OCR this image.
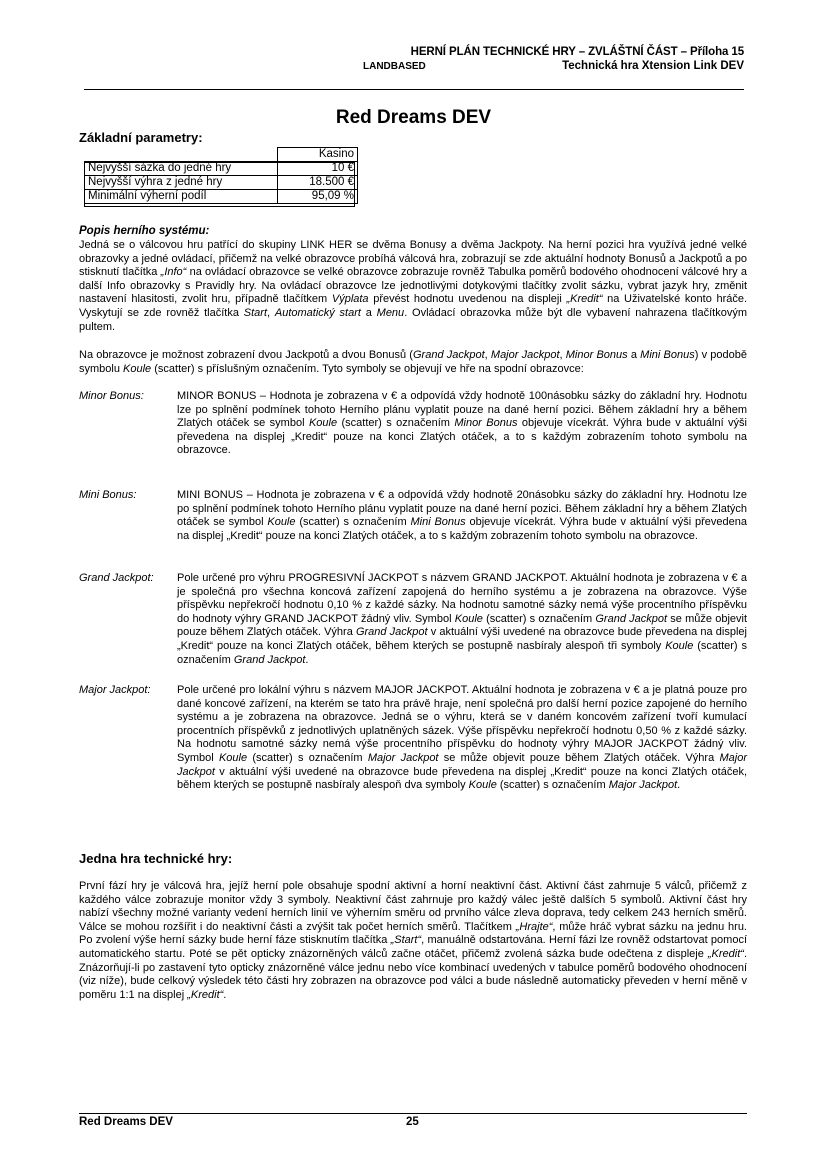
HERNÍ PLÁN TECHNICKÉ HRY – ZVLÁŠTNÍ ČÁST – Příloha 15
LANDBASED	Technická hra Xtension Link DEV
Red Dreams DEV
Základní parametry:
	Kasino
Nejvyšší sázka do jedné hry	10 €
Nejvyšší výhra z jedné hry	18.500 €
Minimální výherní podíl	95,09 %
Popis herního systému:
Jedná se o válcovou hru patřící do skupiny LINK HER se dvěma Bonusy a dvěma Jackpoty. Na herní pozici hra využívá jedné velké obrazovky a jedné ovládací, přičemž na velké obrazovce probíhá válcová hra, zobrazují se zde aktuální hodnoty Bonusů a Jackpotů a po stisknutí tlačítka „Info“ na ovládací obrazovce se velké obrazovce zobrazuje rovněž Tabulka poměrů bodového ohodnocení válcové hry a další Info obrazovky s Pravidly hry. Na ovládací obrazovce lze jednotlivými dotykovými tlačítky zvolit sázku, vybrat jazyk hry, změnit nastavení hlasitosti, zvolit hru, případně tlačítkem Výplata převést hodnotu uvedenou na displeji „Kredit“ na Uživatelské konto hráče. Vyskytují se zde rovněž tlačítka Start, Automatický start a Menu. Ovládací obrazovka může být dle vybavení nahrazena tlačítkovým pultem.
Na obrazovce je možnost zobrazení dvou Jackpotů a dvou Bonusů (Grand Jackpot, Major Jackpot, Minor Bonus a Mini Bonus) v podobě symbolu Koule (scatter) s příslušným označením. Tyto symboly se objevují ve hře na spodní obrazovce:
Minor Bonus:	MINOR BONUS – Hodnota je zobrazena v € a odpovídá vždy hodnotě 100násobku sázky do základní hry. Hodnotu lze po splnění podmínek tohoto Herního plánu vyplatit pouze na dané herní pozici. Během základní hry a během Zlatých otáček se symbol Koule (scatter) s označením Minor Bonus objevuje vícekrát. Výhra bude v aktuální výši převedena na displej „Kredit“ pouze na konci Zlatých otáček, a to s každým zobrazením tohoto symbolu na obrazovce.
Mini Bonus:	MINI BONUS – Hodnota je zobrazena v € a odpovídá vždy hodnotě 20násobku sázky do základní hry. Hodnotu lze po splnění podmínek tohoto Herního plánu vyplatit pouze na dané herní pozici. Během základní hry a během Zlatých otáček se symbol Koule (scatter) s označením Mini Bonus objevuje vícekrát. Výhra bude v aktuální výši převedena na displej „Kredit“ pouze na konci Zlatých otáček, a to s každým zobrazením tohoto symbolu na obrazovce.
Grand Jackpot: Pole určené pro výhru PROGRESIVNÍ JACKPOT s názvem GRAND JACKPOT. Aktuální hodnota je zobrazena v € a je společná pro všechna koncová zařízení zapojená do herního systému a je zobrazena na obrazovce. Výše příspěvku nepřekročí hodnotu 0,10 % z každé sázky. Na hodnotu samotné sázky nemá výše procentního příspěvku do hodnoty výhry GRAND JACKPOT žádný vliv. Symbol Koule (scatter) s označením Grand Jackpot se může objevit pouze během Zlatých otáček. Výhra Grand Jackpot v aktuální výši uvedené na obrazovce bude převedena na displej „Kredit“ pouze na konci Zlatých otáček, během kterých se postupně nasbíraly alespoň tři symboly Koule (scatter) s označením Grand Jackpot.
Major Jackpot: Pole určené pro lokální výhru s názvem MAJOR JACKPOT. Aktuální hodnota je zobrazena v € a je platná pouze pro dané koncové zařízení, na kterém se tato hra právě hraje, není společná pro další herní pozice zapojené do herního systému a je zobrazena na obrazovce. Jedná se o výhru, která se v daném koncovém zařízení tvoří kumulací procentních příspěvků z jednotlivých uplatněných sázek. Výše příspěvku nepřekročí hodnotu 0,50 % z každé sázky. Na hodnotu samotné sázky nemá výše procentního příspěvku do hodnoty výhry MAJOR JACKPOT žádný vliv. Symbol Koule (scatter) s označením Major Jackpot se může objevit pouze během Zlatých otáček. Výhra Major Jackpot v aktuální výši uvedené na obrazovce bude převedena na displej „Kredit“ pouze na konci Zlatých otáček, během kterých se postupně nasbíraly alespoň dva symboly Koule (scatter) s označením Major Jackpot.
Jedna hra technické hry:
První fází hry je válcová hra, jejíž herní pole obsahuje spodní aktivní a horní neaktivní část. Aktivní část zahrnuje 5 válců, přičemž z každého válce zobrazuje monitor vždy 3 symboly. Neaktivní část zahrnuje pro každý válec ještě dalších 5 symbolů. Aktivní část hry nabízí všechny možné varianty vedení herních linií ve výherním směru od prvního válce zleva doprava, tedy celkem 243 herních směrů. Válce se mohou rozšířit i do neaktivní části a zvýšit tak počet herních směrů. Tlačítkem „Hrajte“, může hráč vybrat sázku na jednu hru. Po zvolení výše herní sázky bude herní fáze stisknutím tlačítka „Start“, manuálně odstartována. Herní fázi lze rovněž odstartovat pomocí automatického startu. Poté se pět opticky znázorněných válců začne otáčet, přičemž zvolená sázka bude odečtena z displeje „Kredit“. Znázorňují-li po zastavení tyto opticky znázorněné válce jednu nebo více kombinací uvedených v tabulce poměrů bodového ohodnocení (viz níže), bude celkový výsledek této části hry zobrazen na obrazovce pod válci a bude následně automaticky převeden v herní měně v poměru 1:1 na displej „Kredit“.
Red Dreams DEV	25
